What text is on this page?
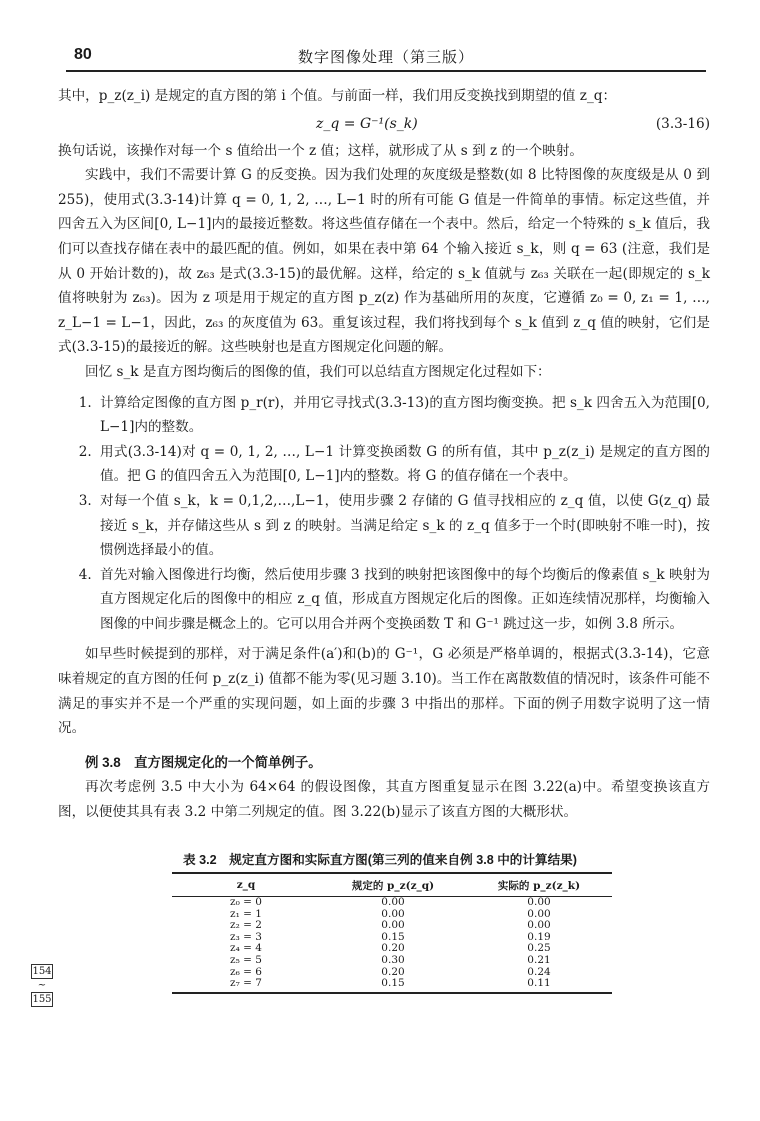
80	数字图像处理（第三版）

其中，p_z(z_i) 是规定的直方图的第 i 个值。与前面一样，我们用反变换找到期望的值 z_q：

z_q = G⁻¹(s_k)	(3.3-16)

换句话说，该操作对每一个 s 值给出一个 z 值；这样，就形成了从 s 到 z 的一个映射。

实践中，我们不需要计算 G 的反变换。因为我们处理的灰度级是整数(如 8 比特图像的灰度级是从 0 到 255)，使用式(3.3-14)计算 q = 0, 1, 2, …, L−1 时的所有可能 G 值是一件简单的事情。标定这些值，并四舍五入为区间[0, L−1]内的最接近整数。将这些值存储在一个表中。然后，给定一个特殊的 s_k 值后，我们可以查找存储在表中的最匹配的值。例如，如果在表中第 64 个输入接近 s_k，则 q = 63 (注意，我们是从 0 开始计数的)，故 z₆₃ 是式(3.3-15)的最优解。这样，给定的 s_k 值就与 z₆₃ 关联在一起(即规定的 s_k 值将映射为 z₆₃)。因为 z 项是用于规定的直方图 p_z(z) 作为基础所用的灰度，它遵循 z₀ = 0, z₁ = 1, …, z_L−1 = L−1，因此，z₆₃ 的灰度值为 63。重复该过程，我们将找到每个 s_k 值到 z_q 值的映射，它们是式(3.3-15)的最接近的解。这些映射也是直方图规定化问题的解。

回忆 s_k 是直方图均衡后的图像的值，我们可以总结直方图规定化过程如下：

1. 计算给定图像的直方图 p_r(r)，并用它寻找式(3.3-13)的直方图均衡变换。把 s_k 四舍五入为范围[0, L−1]内的整数。
2. 用式(3.3-14)对 q = 0, 1, 2, …, L−1 计算变换函数 G 的所有值，其中 p_z(z_i) 是规定的直方图的值。把 G 的值四舍五入为范围[0, L−1]内的整数。将 G 的值存储在一个表中。
3. 对每一个值 s_k，k = 0,1,2,…,L−1，使用步骤 2 存储的 G 值寻找相应的 z_q 值，以使 G(z_q) 最接近 s_k，并存储这些从 s 到 z 的映射。当满足给定 s_k 的 z_q 值多于一个时(即映射不唯一时)，按惯例选择最小的值。
4. 首先对输入图像进行均衡，然后使用步骤 3 找到的映射把该图像中的每个均衡后的像素值 s_k 映射为直方图规定化后的图像中的相应 z_q 值，形成直方图规定化后的图像。正如连续情况那样，均衡输入图像的中间步骤是概念上的。它可以用合并两个变换函数 T 和 G⁻¹ 跳过这一步，如例 3.8 所示。

如早些时候提到的那样，对于满足条件(a′)和(b)的 G⁻¹，G 必须是严格单调的，根据式(3.3-14)，它意味着规定的直方图的任何 p_z(z_i) 值都不能为零(见习题 3.10)。当工作在离散数值的情况时，该条件可能不满足的事实并不是一个严重的实现问题，如上面的步骤 3 中指出的那样。下面的例子用数字说明了这一情况。

例 3.8　直方图规定化的一个简单例子。

再次考虑例 3.5 中大小为 64×64 的假设图像，其直方图重复显示在图 3.22(a)中。希望变换该直方图，以便使其具有表 3.2 中第二列规定的值。图 3.22(b)显示了该直方图的大概形状。

表 3.2　规定直方图和实际直方图(第三列的值来自例 3.8 中的计算结果)
z_q	规定的 p_z(z_q)	实际的 p_z(z_k)
z₀ = 0	0.00	0.00
z₁ = 1	0.00	0.00
z₂ = 2	0.00	0.00
z₃ = 3	0.15	0.19
z₄ = 4	0.20	0.25
z₅ = 5	0.30	0.21
z₆ = 6	0.20	0.24
z₇ = 7	0.15	0.11
154
~
155
